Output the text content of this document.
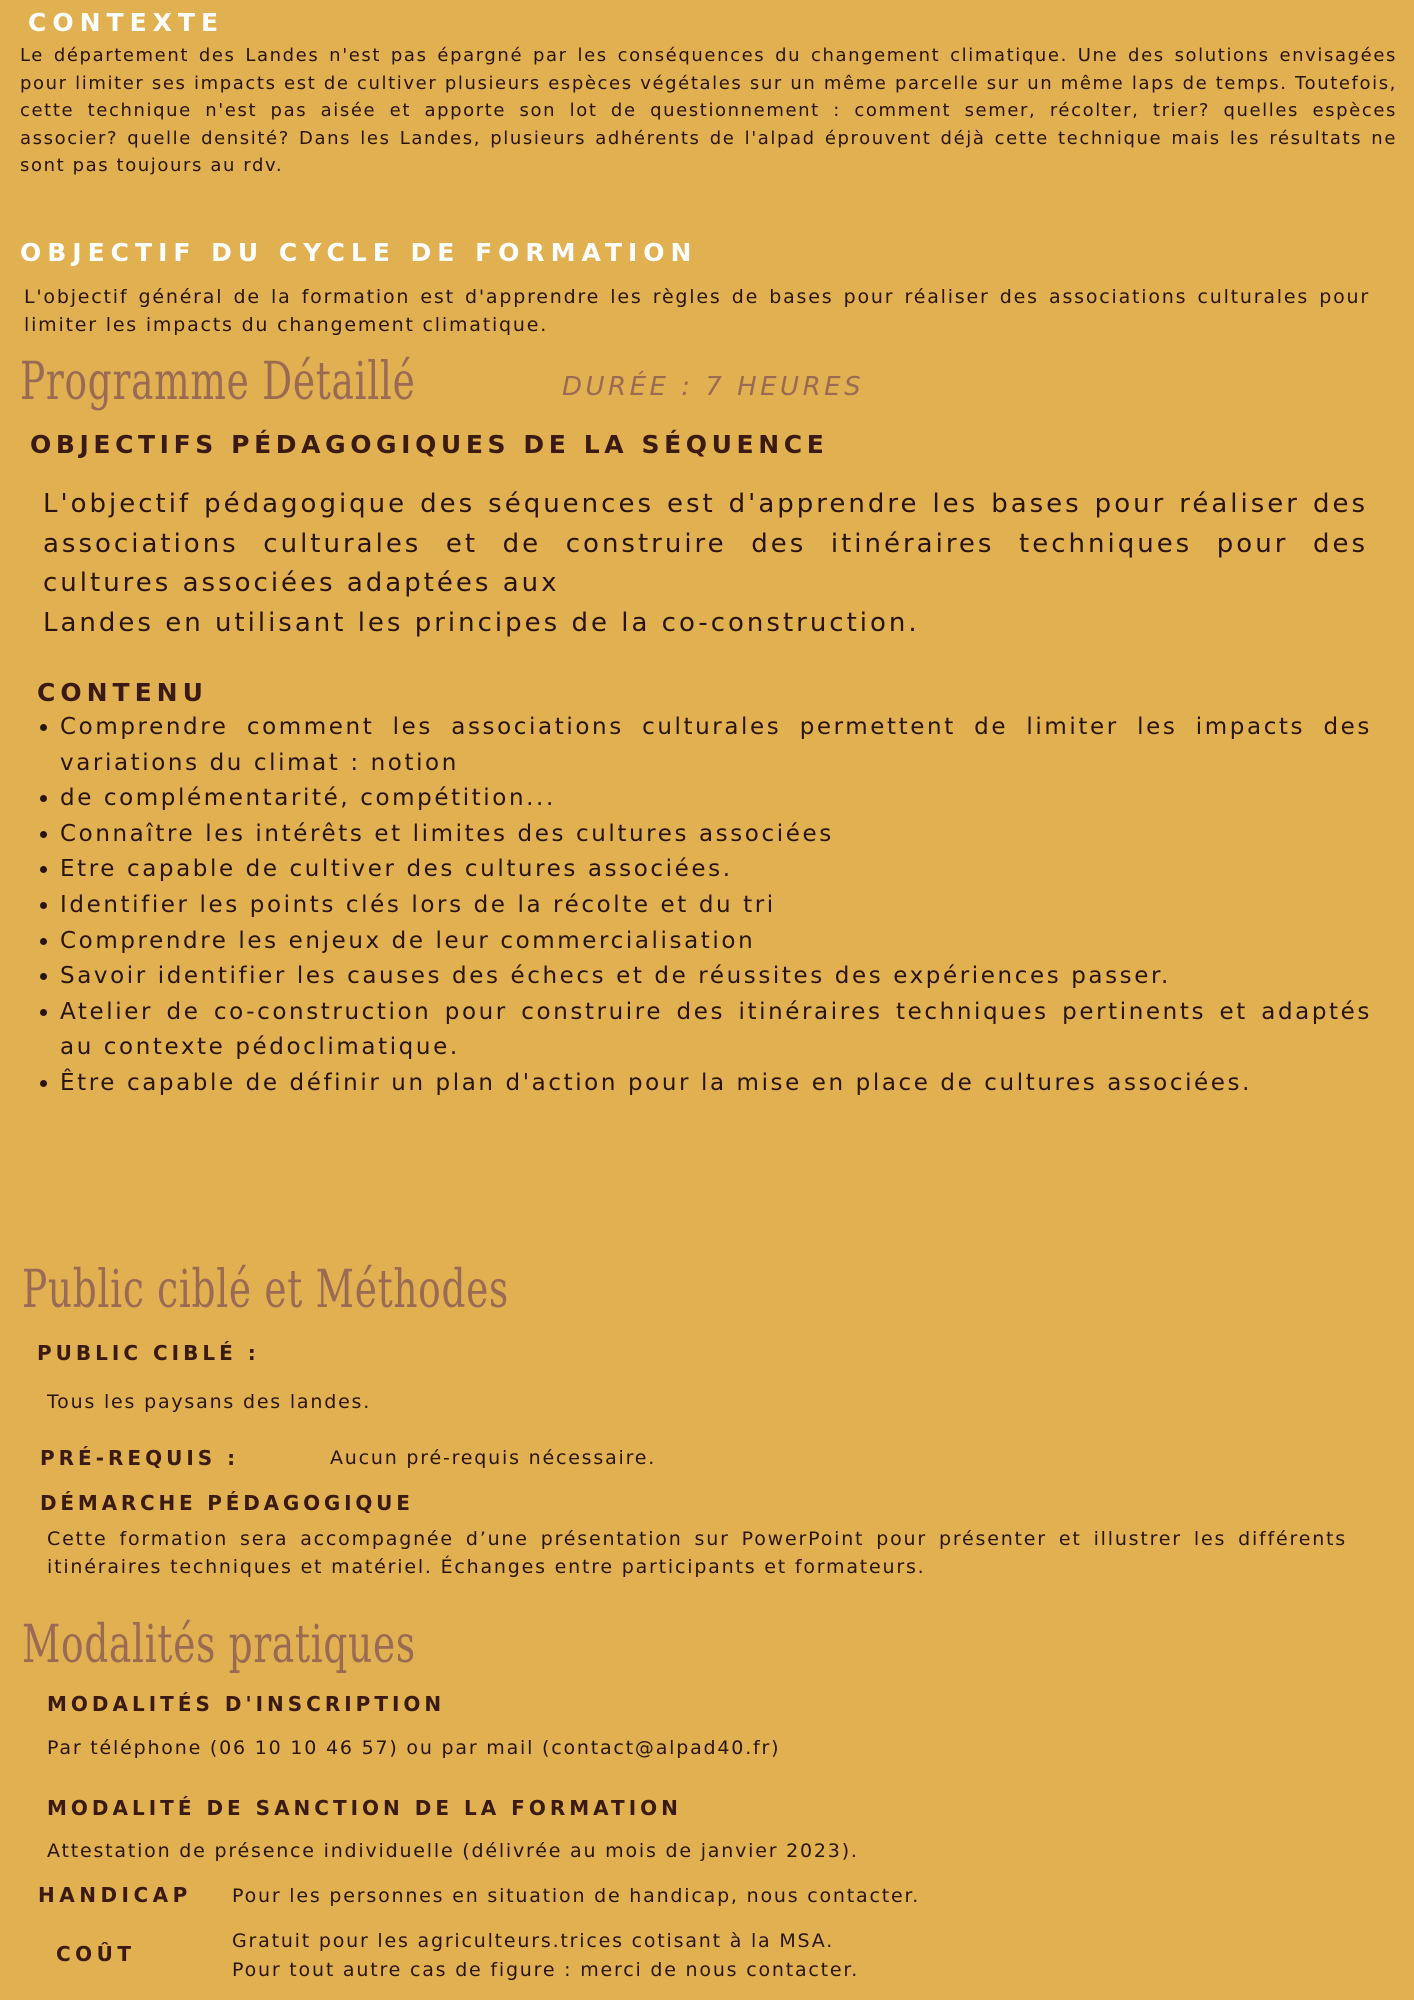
CONTEXTE
Le département des Landes n'est pas épargné par les conséquences du changement climatique. Une des solutions envisagées pour limiter ses impacts est de cultiver plusieurs espèces végétales sur un même parcelle sur un même laps de temps. Toutefois, cette technique n'est pas aisée et apporte son lot de questionnement : comment semer, récolter, trier? quelles espèces associer? quelle densité? Dans les Landes, plusieurs adhérents de l'alpad éprouvent déjà cette technique mais les résultats ne sont pas toujours au rdv.
OBJECTIF DU CYCLE DE FORMATION
L'objectif général de la formation est d'apprendre les règles de bases pour réaliser des associations culturales pour limiter les impacts du changement climatique.
Programme Détaillé	DURÉE : 7 HEURES
OBJECTIFS PÉDAGOGIQUES DE LA SÉQUENCE
L'objectif pédagogique des séquences est d'apprendre les bases pour réaliser des associations culturales et de construire des itinéraires techniques pour des cultures associées adaptées aux
Landes en utilisant les principes de la co-construction.
CONTENU
• Comprendre comment les associations culturales permettent de limiter les impacts des variations du climat : notion
• de complémentarité, compétition...
• Connaître les intérêts et limites des cultures associées
• Etre capable de cultiver des cultures associées.
• Identifier les points clés lors de la récolte et du tri
• Comprendre les enjeux de leur commercialisation
• Savoir identifier les causes des échecs et de réussites des expériences passer.
• Atelier de co-construction pour construire des itinéraires techniques pertinents et adaptés au contexte pédoclimatique.
• Être capable de définir un plan d'action pour la mise en place de cultures associées.
Public ciblé et Méthodes
PUBLIC CIBLÉ :
Tous les paysans des landes.
PRÉ-REQUIS :	Aucun pré-requis nécessaire.
DÉMARCHE PÉDAGOGIQUE
Cette formation sera accompagnée d’une présentation sur PowerPoint pour présenter et illustrer les différents itinéraires techniques et matériel. Échanges entre participants et formateurs.
Modalités pratiques
MODALITÉS D'INSCRIPTION
Par téléphone (06 10 10 46 57) ou par mail (contact@alpad40.fr)
MODALITÉ DE SANCTION DE LA FORMATION
Attestation de présence individuelle (délivrée au mois de janvier 2023).
HANDICAP Pour les personnes en situation de handicap, nous contacter.
COÛT
Gratuit pour les agriculteurs.trices cotisant à la MSA.
Pour tout autre cas de figure : merci de nous contacter.
